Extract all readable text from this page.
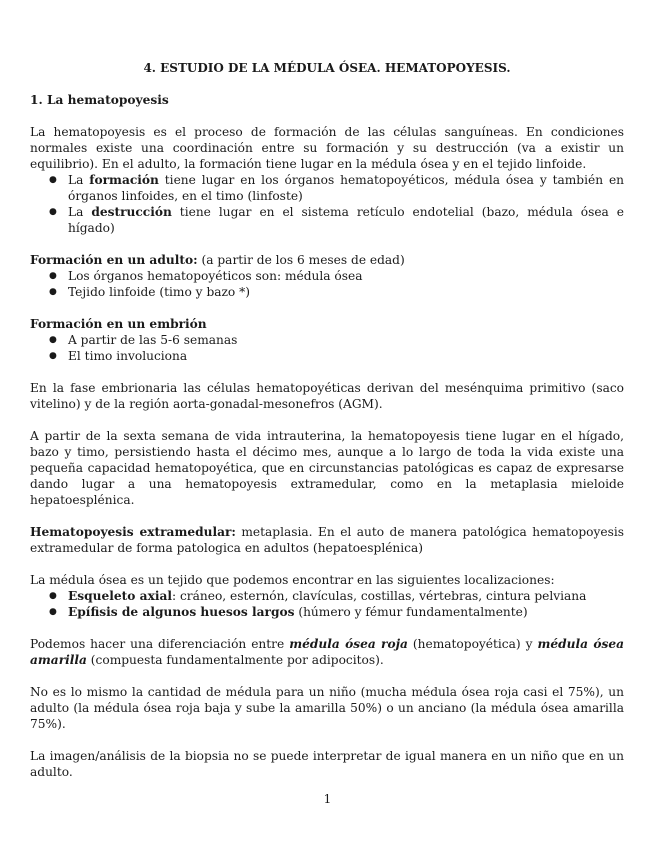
4. ESTUDIO DE LA MÉDULA ÓSEA. HEMATOPOYESIS.
1. La hematopoyesis

La hematopoyesis es el proceso de formación de las células sanguíneas. En condiciones normales existe una coordinación entre su formación y su destrucción (va a existir un equilibrio). En el adulto, la formación tiene lugar en la médula ósea y en el tejido linfoide.

● La formación tiene lugar en los órganos hematopoyéticos, médula ósea y también en órganos linfoides, en el timo (linfoste)
● La destrucción tiene lugar en el sistema retículo endotelial (bazo, médula ósea e hígado)

Formación en un adulto: (a partir de los 6 meses de edad)

● Los órganos hematopoyéticos son: médula ósea
● Tejido linfoide (timo y bazo *)

Formación en un embrión

● A partir de las 5-6 semanas
● El timo involuciona

En la fase embrionaria las células hematopoyéticas derivan del mesénquima primitivo (saco vitelino) y de la región aorta-gonadal-mesonefros (AGM).

A partir de la sexta semana de vida intrauterina, la hematopoyesis tiene lugar en el hígado, bazo y timo, persistiendo hasta el décimo mes, aunque a lo largo de toda la vida existe una pequeña capacidad hematopoyética, que en circunstancias patológicas es capaz de expresarse dando lugar a una hematopoyesis extramedular, como en la metaplasia mieloide hepatoesplénica.

Hematopoyesis extramedular: metaplasia. En el auto de manera patológica hematopoyesis extramedular de forma patologica en adultos (hepatoesplénica)

La médula ósea es un tejido que podemos encontrar en las siguientes localizaciones:

● Esqueleto axial: cráneo, esternón, clavículas, costillas, vértebras, cintura pelviana
● Epífisis de algunos huesos largos (húmero y fémur fundamentalmente)

Podemos hacer una diferenciación entre médula ósea roja (hematopoyética) y médula ósea amarilla (compuesta fundamentalmente por adipocitos).

No es lo mismo la cantidad de médula para un niño (mucha médula ósea roja casi el 75%), un adulto (la médula ósea roja baja y sube la amarilla 50%) o un anciano (la médula ósea amarilla 75%).

La imagen/análisis de la biopsia no se puede interpretar de igual manera en un niño que en un adulto.

1
